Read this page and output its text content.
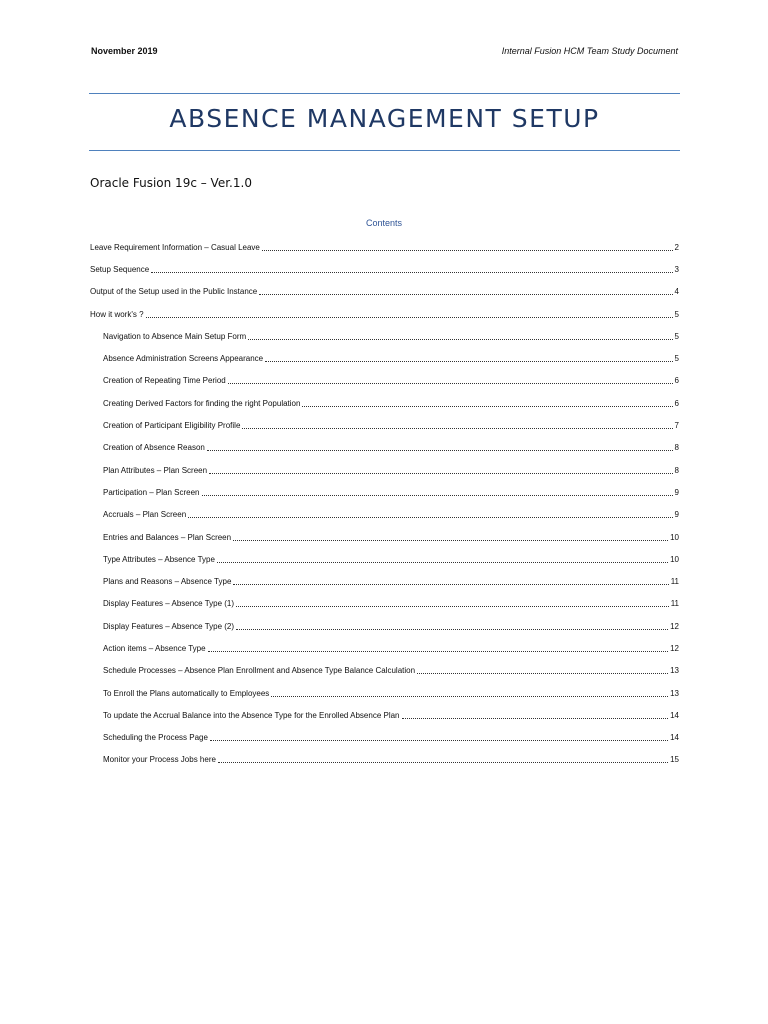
November 2019	Internal Fusion HCM Team Study Document
ABSENCE MANAGEMENT SETUP
Oracle Fusion 19c – Ver.1.0
Contents
Leave Requirement Information – Casual Leave	2
Setup Sequence	3
Output of the Setup used in the Public Instance	4
How it work's ?	5
Navigation to Absence Main Setup Form	5
Absence Administration Screens Appearance	5
Creation of Repeating Time Period	6
Creating Derived Factors for finding the right Population	6
Creation of Participant Eligibility Profile	7
Creation of Absence Reason	8
Plan Attributes – Plan Screen	8
Participation – Plan Screen	9
Accruals – Plan Screen	9
Entries and Balances – Plan Screen	10
Type Attributes – Absence Type	10
Plans and Reasons – Absence Type	11
Display Features – Absence Type (1)	11
Display Features – Absence Type (2)	12
Action items – Absence Type	12
Schedule Processes – Absence Plan Enrollment and Absence Type Balance Calculation	13
To Enroll the Plans automatically to Employees	13
To update the Accrual Balance into the Absence Type for the Enrolled Absence Plan	14
Scheduling the Process Page	14
Monitor your Process Jobs here	15
